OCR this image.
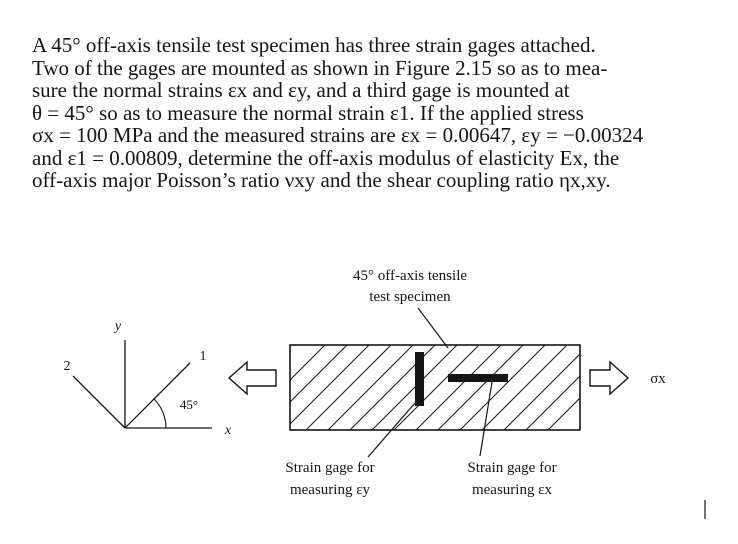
A 45° off-axis tensile test specimen has three strain gages attached.
Two of the gages are mounted as shown in Figure 2.15 so as to mea-
sure the normal strains εx and εy, and a third gage is mounted at
θ = 45° so as to measure the normal strain ε1. If the applied stress
σx = 100 MPa and the measured strains are εx = 0.00647, εy = −0.00324
and ε1 = 0.00809, determine the off-axis modulus of elasticity Ex, the
off-axis major Poisson’s ratio νxy and the shear coupling ratio ηx,xy.
45° off-axis tensile
test specimen
y
x
1
2
45°
σx
Strain gage for
measuring εy
Strain gage for
measuring εx
